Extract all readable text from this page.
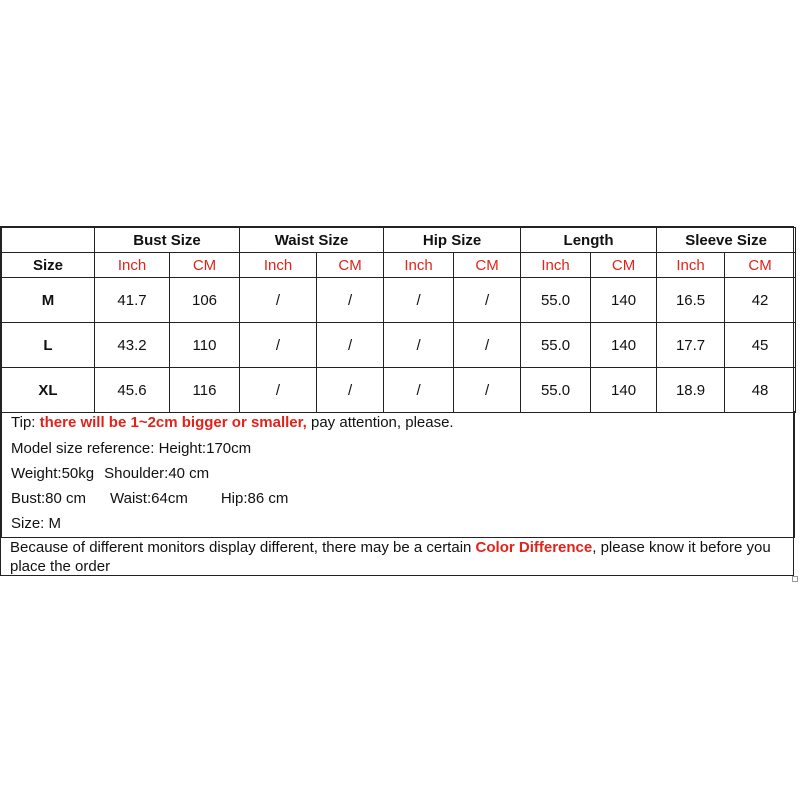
	Bust Size		Waist Size		Hip Size		Length		Sleeve Size	
Size	Inch	CM	Inch	CM	Inch	CM	Inch	CM	Inch	CM
M	41.7	106	/	/	/	/	55.0	140	16.5	42
L	43.2	110	/	/	/	/	55.0	140	17.7	45
XL	45.6	116	/	/	/	/	55.0	140	18.9	48
Tip: there will be 1~2cm bigger or smaller, pay attention, please.
Model size reference: Height:170cm
Weight:50kg Shoulder:40 cm
Bust:80 cm Waist:64cm Hip:86 cm
Size: M
Because of different monitors display different, there may be a certain Color Difference, please know it before you place the order
